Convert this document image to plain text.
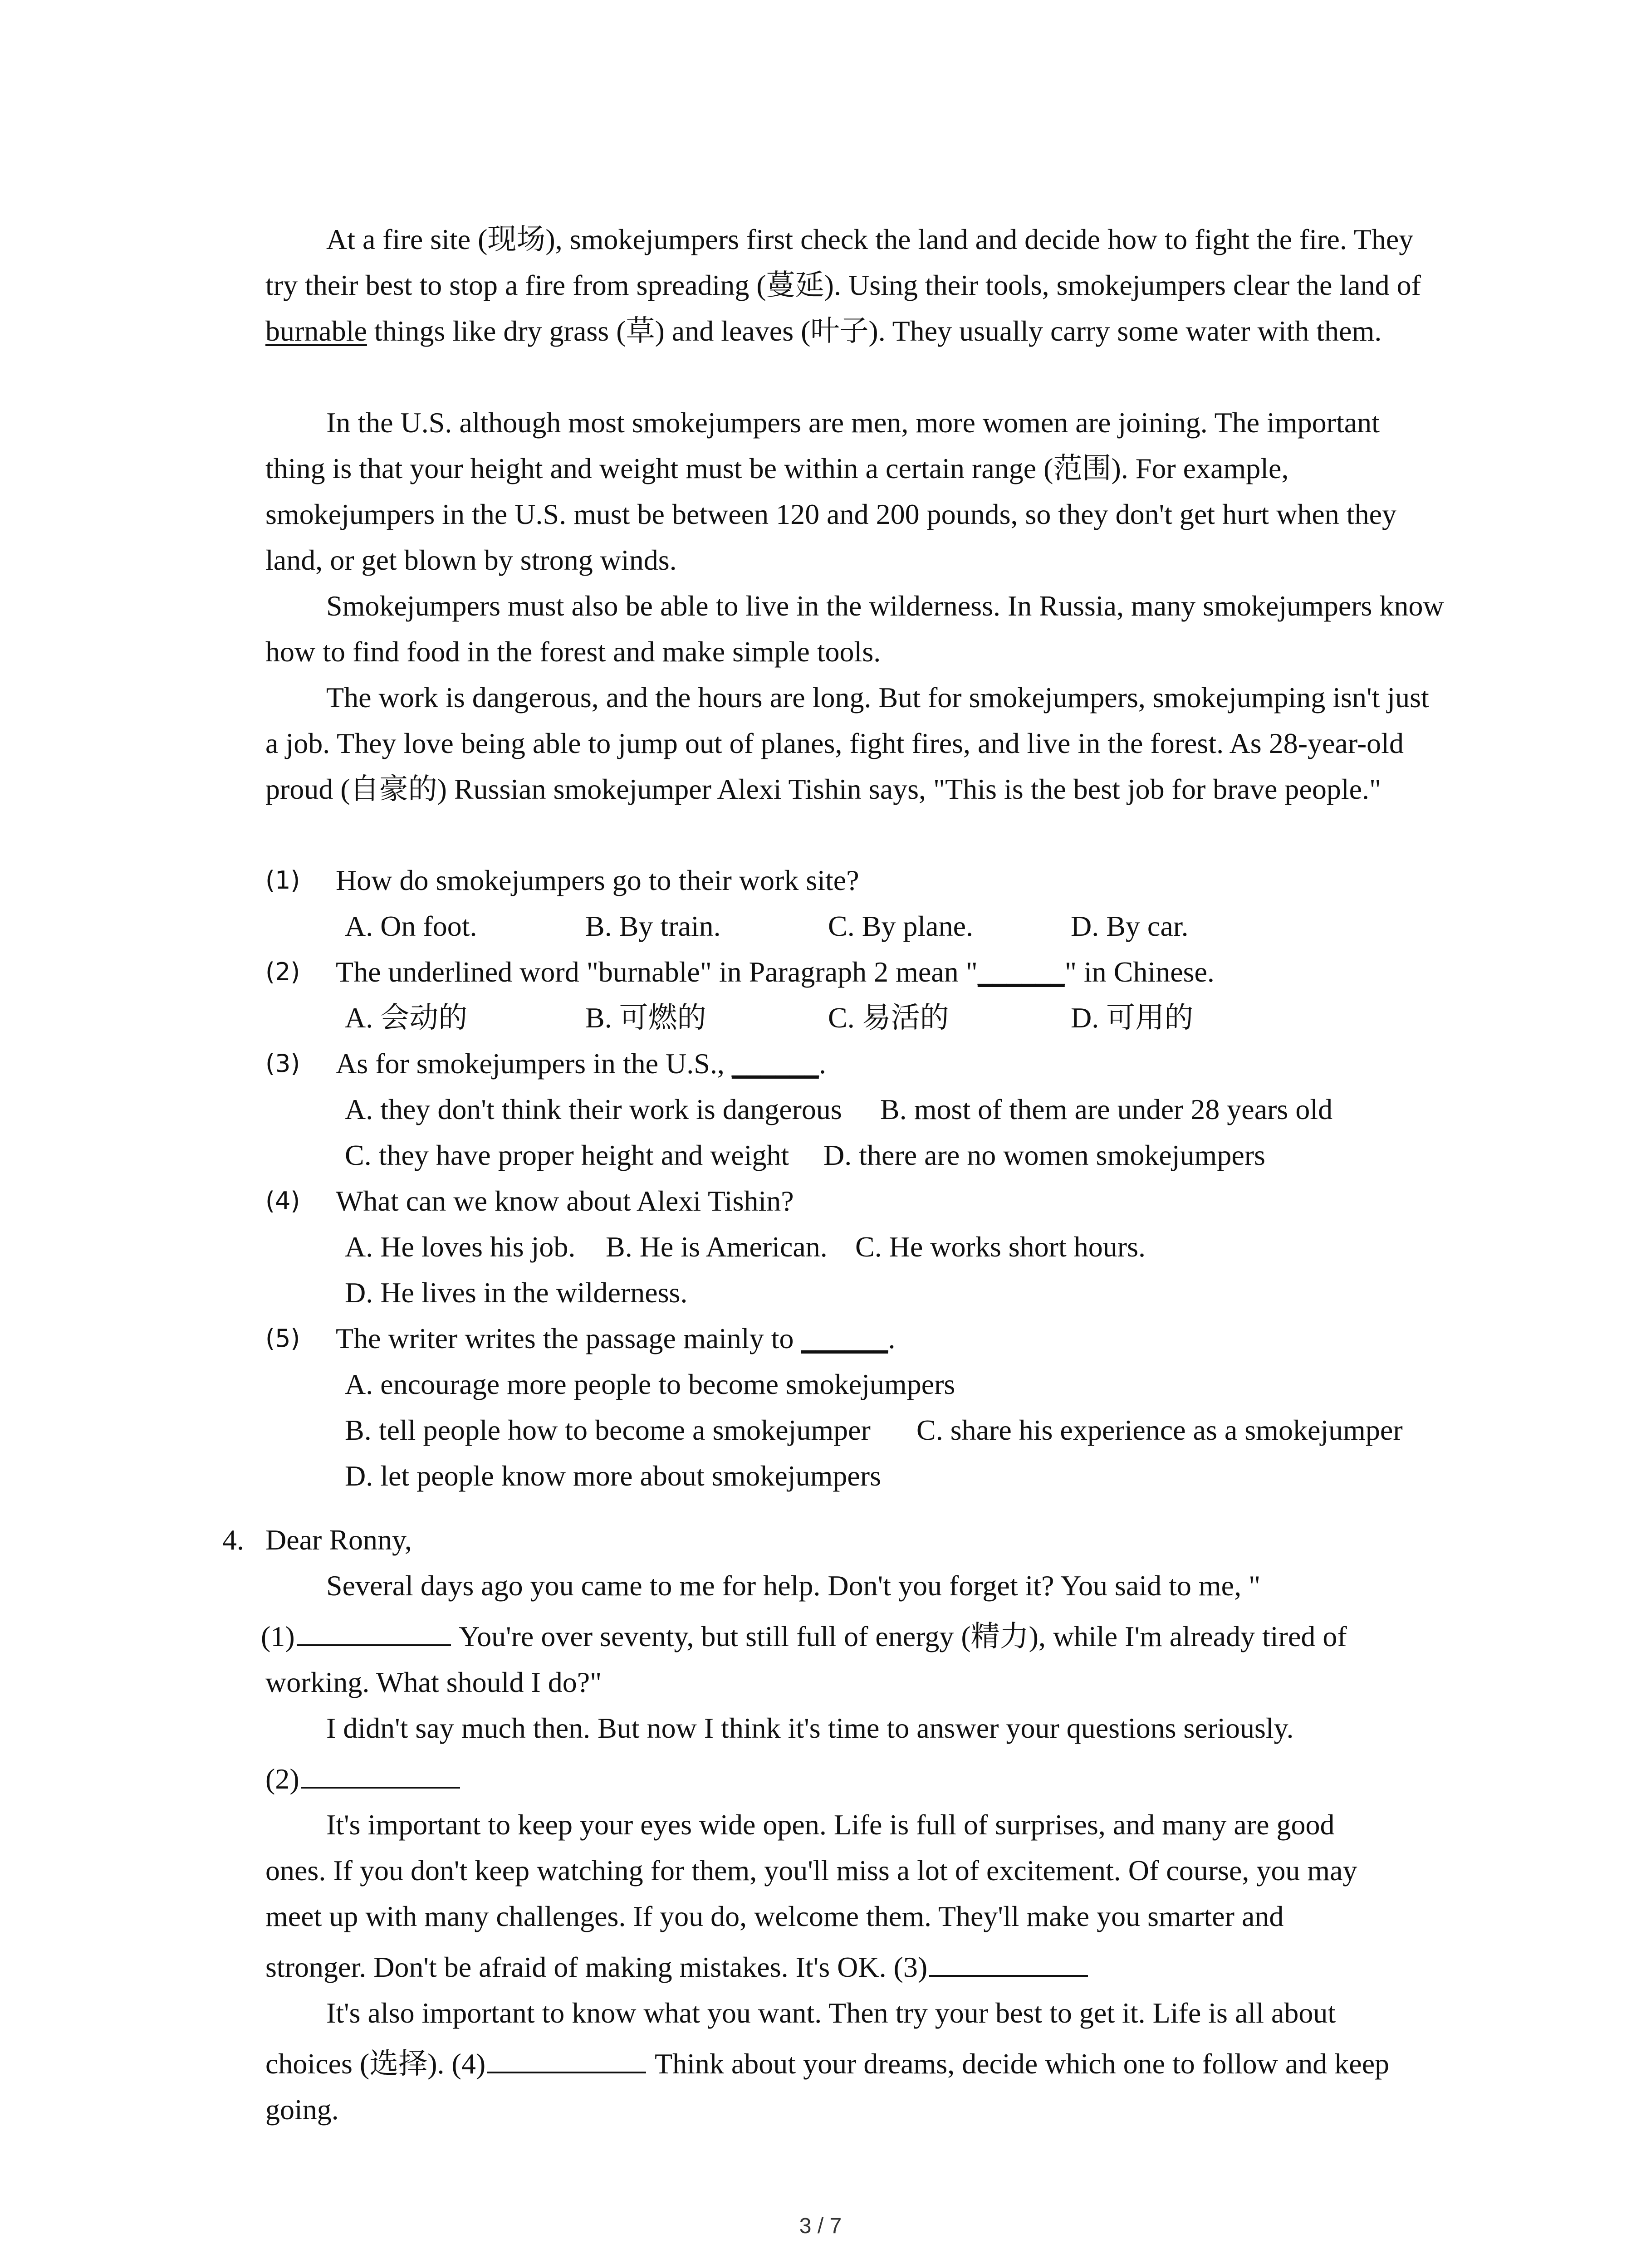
At a fire site (现场), smokejumpers first check the land and decide how to fight the fire. They try their best to stop a fire from spreading (蔓延). Using their tools, smokejumpers clear the land of burnable things like dry grass (草) and leaves (叶子). They usually carry some water with them.

In the U.S. although most smokejumpers are men, more women are joining. The important thing is that your height and weight must be within a certain range (范围). For example, smokejumpers in the U.S. must be between 120 and 200 pounds, so they don't get hurt when they land, or get blown by strong winds.

Smokejumpers must also be able to live in the wilderness. In Russia, many smokejumpers know how to find food in the forest and make simple tools.

The work is dangerous, and the hours are long. But for smokejumpers, smokejumping isn't just a job. They love being able to jump out of planes, fight fires, and live in the forest. As 28-year-old proud (自豪的) Russian smokejumper Alexi Tishin says, "This is the best job for brave people."

(1) How do smokejumpers go to their work site?
A. On foot.	B. By train.	C. By plane.	D. By car.
(2) The underlined word "burnable" in Paragraph 2 mean "______" in Chinese.
A. 会动的	B. 可燃的	C. 易活的	D. 可用的
(3) As for smokejumpers in the U.S., ______.
A. they don't think their work is dangerous B. most of them are under 28 years old
C. they have proper height and weight D. there are no women smokejumpers
(4) What can we know about Alexi Tishin?
A. He loves his job. B. He is American. C. He works short hours.
D. He lives in the wilderness.
(5) The writer writes the passage mainly to ______.
A. encourage more people to become smokejumpers
B. tell people how to become a smokejumper C. share his experience as a smokejumper
D. let people know more about smokejumpers
4. Dear Ronny,
Several days ago you came to me for help. Don't you forget it? You said to me, "
(1)	You're over seventy, but still full of energy (精力), while I'm already tired of
working. What should I do?"
I didn't say much then. But now I think it's time to answer your questions seriously.
(2)
It's important to keep your eyes wide open. Life is full of surprises, and many are good
ones. If you don't keep watching for them, you'll miss a lot of excitement. Of course, you may
meet up with many challenges. If you do, welcome them. They'll make you smarter and
stronger. Don't be afraid of making mistakes. It's OK. (3)
It's also important to know what you want. Then try your best to get it. Life is all about
choices (选择). (4)	Think about your dreams, decide which one to follow and keep
going.
3 / 7
